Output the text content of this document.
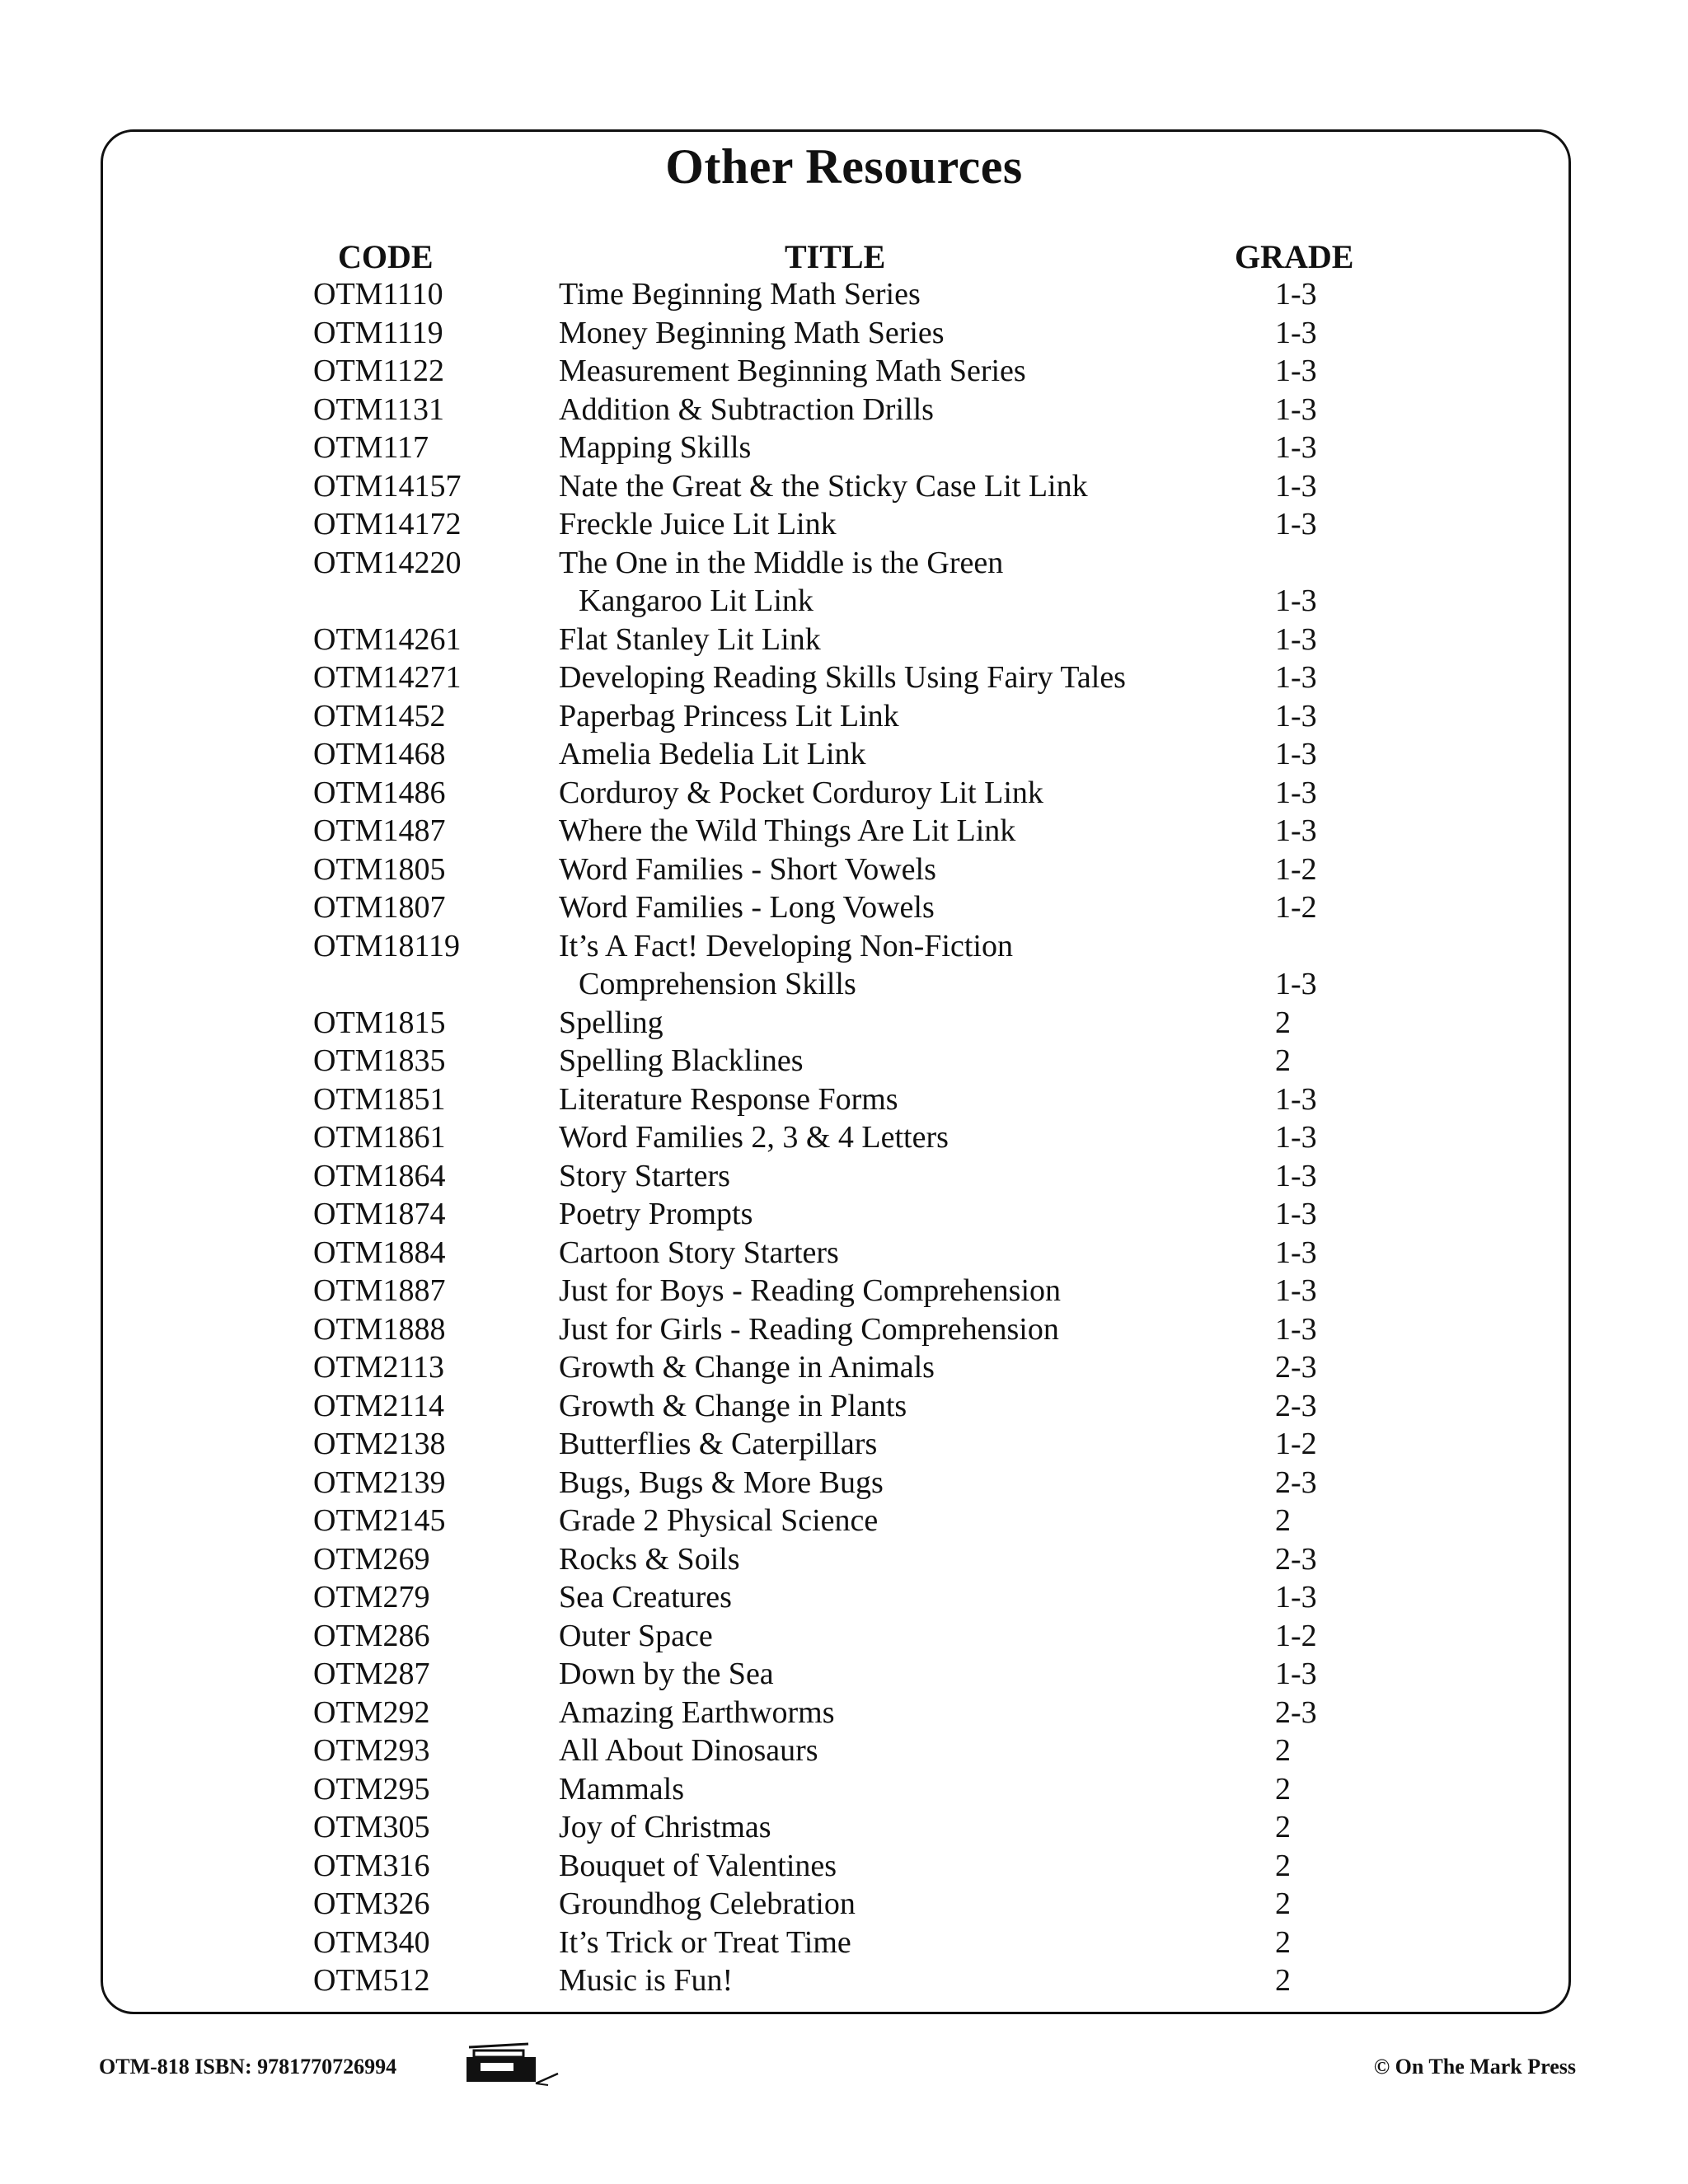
Other Resources
CODE	TITLE	GRADE
OTM1110	Time Beginning Math Series	1-3
OTM1119	Money Beginning Math Series	1-3
OTM1122	Measurement Beginning Math Series	1-3
OTM1131	Addition & Subtraction Drills	1-3
OTM117	Mapping Skills	1-3
OTM14157	Nate the Great & the Sticky Case Lit Link	1-3
OTM14172	Freckle Juice Lit Link	1-3
OTM14220	The One in the Middle is the Green
Kangaroo Lit Link	1-3
OTM14261	Flat Stanley Lit Link	1-3
OTM14271	Developing Reading Skills Using Fairy Tales	1-3
OTM1452	Paperbag Princess Lit Link	1-3
OTM1468	Amelia Bedelia Lit Link	1-3
OTM1486	Corduroy & Pocket Corduroy Lit Link	1-3
OTM1487	Where the Wild Things Are Lit Link	1-3
OTM1805	Word Families - Short Vowels	1-2
OTM1807	Word Families - Long Vowels	1-2
OTM18119	It’s A Fact! Developing Non-Fiction
Comprehension Skills	1-3
OTM1815	Spelling	2
OTM1835	Spelling Blacklines	2
OTM1851	Literature Response Forms	1-3
OTM1861	Word Families 2, 3 & 4 Letters	1-3
OTM1864	Story Starters	1-3
OTM1874	Poetry Prompts	1-3
OTM1884	Cartoon Story Starters	1-3
OTM1887	Just for Boys - Reading Comprehension	1-3
OTM1888	Just for Girls - Reading Comprehension	1-3
OTM2113	Growth & Change in Animals	2-3
OTM2114	Growth & Change in Plants	2-3
OTM2138	Butterflies & Caterpillars	1-2
OTM2139	Bugs, Bugs & More Bugs	2-3
OTM2145	Grade 2 Physical Science	2
OTM269	Rocks & Soils	2-3
OTM279	Sea Creatures	1-3
OTM286	Outer Space	1-2
OTM287	Down by the Sea	1-3
OTM292	Amazing Earthworms	2-3
OTM293	All About Dinosaurs	2
OTM295	Mammals	2
OTM305	Joy of Christmas	2
OTM316	Bouquet of Valentines	2
OTM326	Groundhog Celebration	2
OTM340	It’s Trick or Treat Time	2
OTM512	Music is Fun!	2
OTM-818 ISBN: 9781770726994	© On The Mark Press
